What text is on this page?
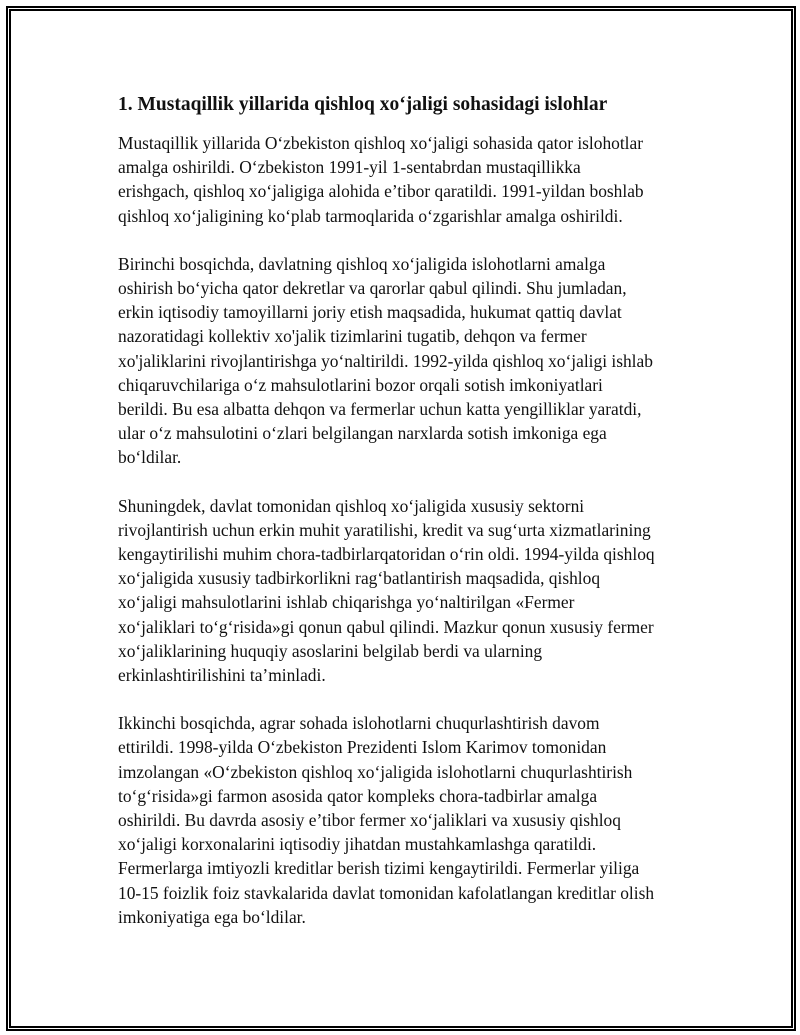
1. Mustaqillik yillarida qishloq xo‘jaligi sohasidagi islohlar
Mustaqillik yillarida O‘zbekiston qishloq xo‘jaligi sohasida qator islohotlar
amalga oshirildi. O‘zbekiston 1991-yil 1-sentabrdan mustaqillikka
erishgach, qishloq xo‘jaligiga alohida e’tibor qaratildi. 1991-yildan boshlab
qishloq xo‘jaligining ko‘plab tarmoqlarida o‘zgarishlar amalga oshirildi.
Birinchi bosqichda, davlatning qishloq xo‘jaligida islohotlarni amalga
oshirish bo‘yicha qator dekretlar va qarorlar qabul qilindi. Shu jumladan,
erkin iqtisodiy tamoyillarni joriy etish maqsadida, hukumat qattiq davlat
nazoratidagi kollektiv xo'jalik tizimlarini tugatib, dehqon va fermer
xo'jaliklarini rivojlantirishga yo‘naltirildi. 1992-yilda qishloq xo‘jaligi ishlab
chiqaruvchilariga o‘z mahsulotlarini bozor orqali sotish imkoniyatlari
berildi. Bu esa albatta dehqon va fermerlar uchun katta yengilliklar yaratdi,
ular o‘z mahsulotini o‘zlari belgilangan narxlarda sotish imkoniga ega
bo‘ldilar.
Shuningdek, davlat tomonidan qishloq xo‘jaligida xususiy sektorni
rivojlantirish uchun erkin muhit yaratilishi, kredit va sug‘urta xizmatlarining
kengaytirilishi muhim chora-tadbirlarqatoridan o‘rin oldi. 1994-yilda qishloq
xo‘jaligida xususiy tadbirkorlikni rag‘batlantirish maqsadida, qishloq
xo‘jaligi mahsulotlarini ishlab chiqarishga yo‘naltirilgan «Fermer
xo‘jaliklari to‘g‘risida»gi qonun qabul qilindi. Mazkur qonun xususiy fermer
xo‘jaliklarining huquqiy asoslarini belgilab berdi va ularning
erkinlashtirilishini ta’minladi.
Ikkinchi bosqichda, agrar sohada islohotlarni chuqurlashtirish davom
ettirildi. 1998-yilda O‘zbekiston Prezidenti Islom Karimov tomonidan
imzolangan «O‘zbekiston qishloq xo‘jaligida islohotlarni chuqurlashtirish
to‘g‘risida»gi farmon asosida qator kompleks chora-tadbirlar amalga
oshirildi. Bu davrda asosiy e’tibor fermer xo‘jaliklari va xususiy qishloq
xo‘jaligi korxonalarini iqtisodiy jihatdan mustahkamlashga qaratildi.
Fermerlarga imtiyozli kreditlar berish tizimi kengaytirildi. Fermerlar yiliga
10-15 foizlik foiz stavkalarida davlat tomonidan kafolatlangan kreditlar olish
imkoniyatiga ega bo‘ldilar.
